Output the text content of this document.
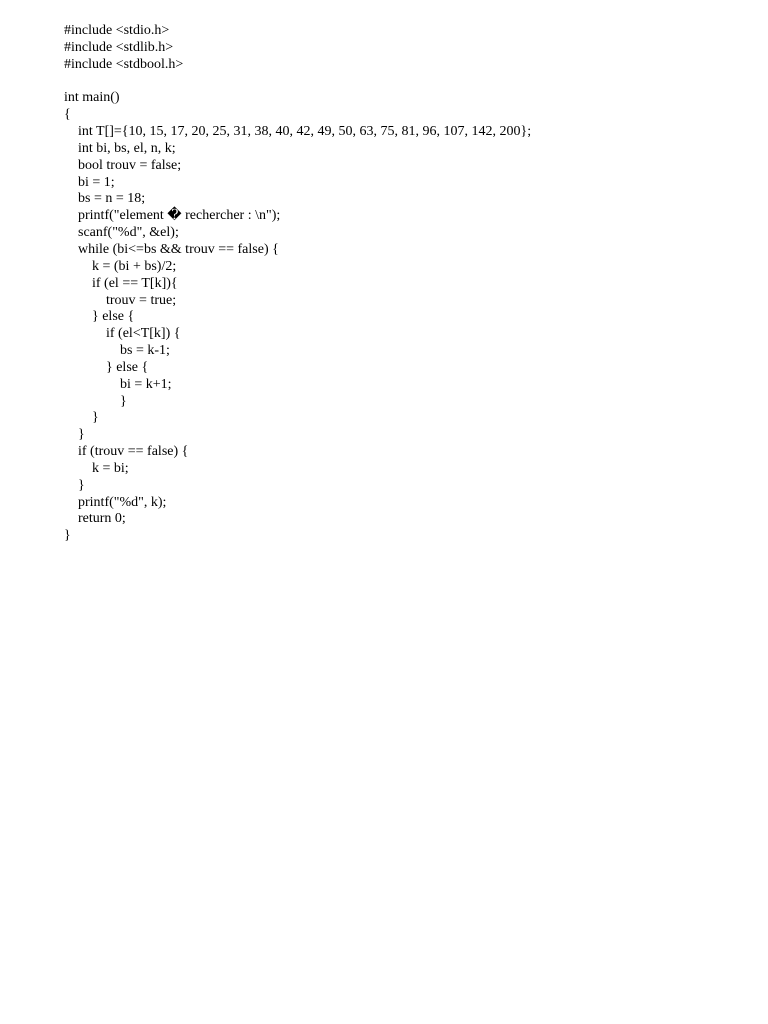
#include <stdio.h>
#include <stdlib.h>
#include <stdbool.h>
int main()
{
int T[]={10, 15, 17, 20, 25, 31, 38, 40, 42, 49, 50, 63, 75, 81, 96, 107, 142, 200};
int bi, bs, el, n, k;
bool trouv = false;
bi = 1;
bs = n = 18;
printf("element � rechercher : \n");
scanf("%d", &el);
while (bi<=bs && trouv == false) {
k = (bi + bs)/2;
if (el == T[k]){
trouv = true;
} else {
if (el<T[k]) {
bs = k-1;
} else {
bi = k+1;
}
}
}
if (trouv == false) {
k = bi;
}
printf("%d", k);
return 0;
}
